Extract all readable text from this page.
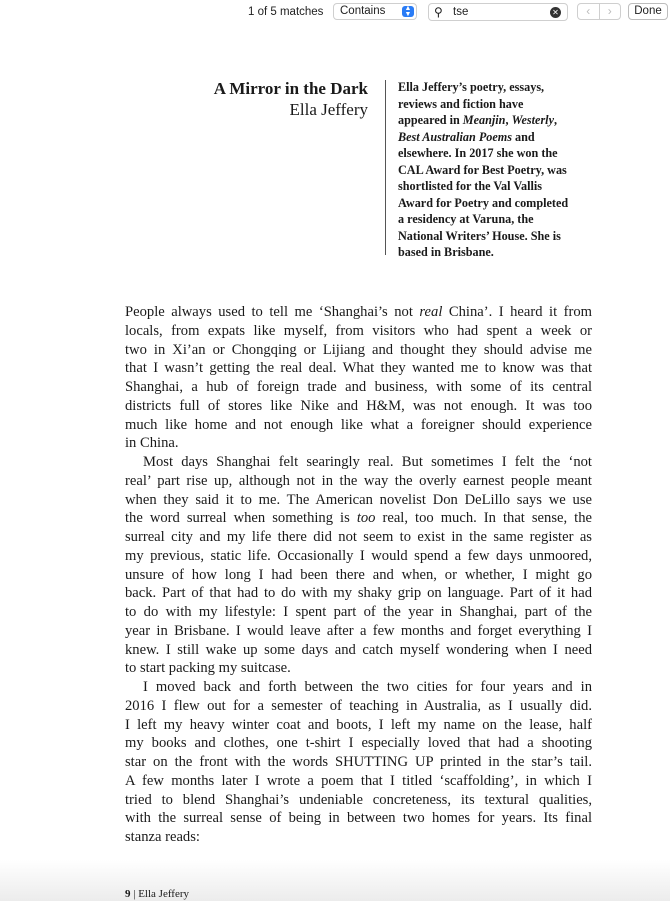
1 of 5 matches	Contains	▲
▼ ⚲ tse	✕	‹	›	Done
A Mirror in the Dark
Ella Jeffery
Ella Jeffery’s poetry, essays,
reviews and fiction have
appeared in Meanjin, Westerly,
Best Australian Poems and
elsewhere. In 2017 she won the
CAL Award for Best Poetry, was
shortlisted for the Val Vallis
Award for Poetry and completed
a residency at Varuna, the
National Writers’ House. She is
based in Brisbane.
People always used to tell me ‘Shanghai’s not real China’. I heard it from
locals, from expats like myself, from visitors who had spent a week or
two in Xi’an or Chongqing or Lijiang and thought they should advise me
that I wasn’t getting the real deal. What they wanted me to know was that
Shanghai, a hub of foreign trade and business, with some of its central
districts full of stores like Nike and H&M, was not enough. It was too
much like home and not enough like what a foreigner should experience
in China.
Most days Shanghai felt searingly real. But sometimes I felt the ‘not
real’ part rise up, although not in the way the overly earnest people meant
when they said it to me. The American novelist Don DeLillo says we use
the word surreal when something is too real, too much. In that sense, the
surreal city and my life there did not seem to exist in the same register as
my previous, static life. Occasionally I would spend a few days unmoored,
unsure of how long I had been there and when, or whether, I might go
back. Part of that had to do with my shaky grip on language. Part of it had
to do with my lifestyle: I spent part of the year in Shanghai, part of the
year in Brisbane. I would leave after a few months and forget everything I
knew. I still wake up some days and catch myself wondering when I need
to start packing my suitcase.
I moved back and forth between the two cities for four years and in
2016 I flew out for a semester of teaching in Australia, as I usually did.
I left my heavy winter coat and boots, I left my name on the lease, half
my books and clothes, one t-shirt I especially loved that had a shooting
star on the front with the words SHUTTING UP printed in the star’s tail.
A few months later I wrote a poem that I titled ‘scaffolding’, in which I
tried to blend Shanghai’s undeniable concreteness, its textural qualities,
with the surreal sense of being in between two homes for years. Its final
stanza reads:
9 | Ella Jeffery
